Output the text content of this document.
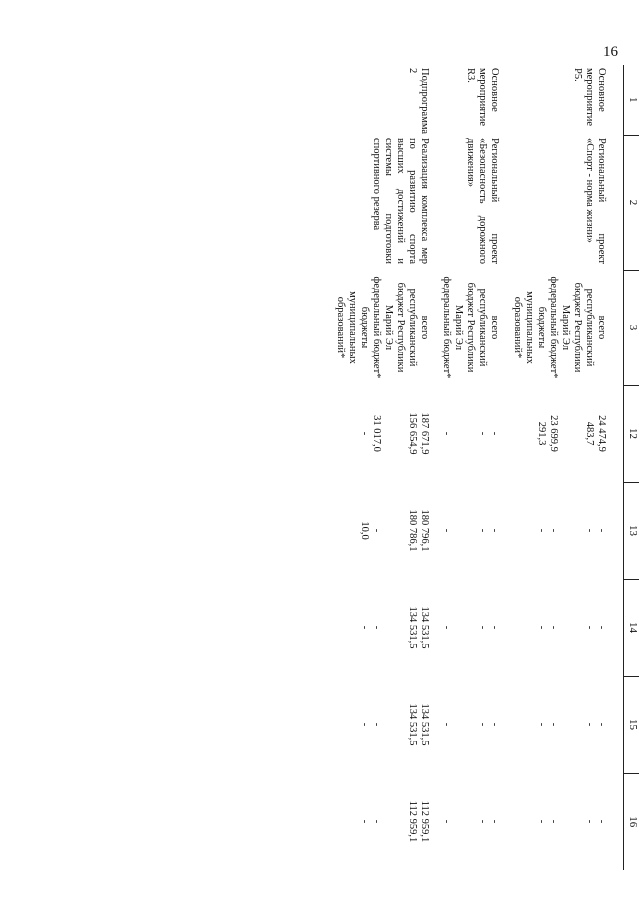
16
1	2	3	12	13	14	15	16
Основное мероприятие Р5.	Региональный проект «Спорт - норма жизни»	всего	24 474,9	-	-	-	-
		республиканский бюджет Республики Марий Эл	483,7	-	-	-	-
		федеральный бюджет*	23 699,9	-	-	-	-
		бюджеты муниципальных образований*	291,3	-	-	-	-

Основное мероприятие R3.	Региональный проект «Безопасность дорожного движения»	всего	-	-	-	-	-
		республиканский бюджет Республики Марий Эл	-	-	-	-	-
		федеральный бюджет*	-	-	-	-	-

Подпрограмма 2	Реализация комплекса мер по развитию спорта высших достижений и системы подготовки спортивного резерва	всего	187 671,9	180 796,1	134 531,5	134 531,5	112 959,1
		республиканский бюджет Республики Марий Эл	156 654,9	180 786,1	134 531,5	134 531,5	112 959,1
		федеральный бюджет*	31 017,0	-	-	-	-
		бюджеты муниципальных образований*	-	10,0	-	-	-
